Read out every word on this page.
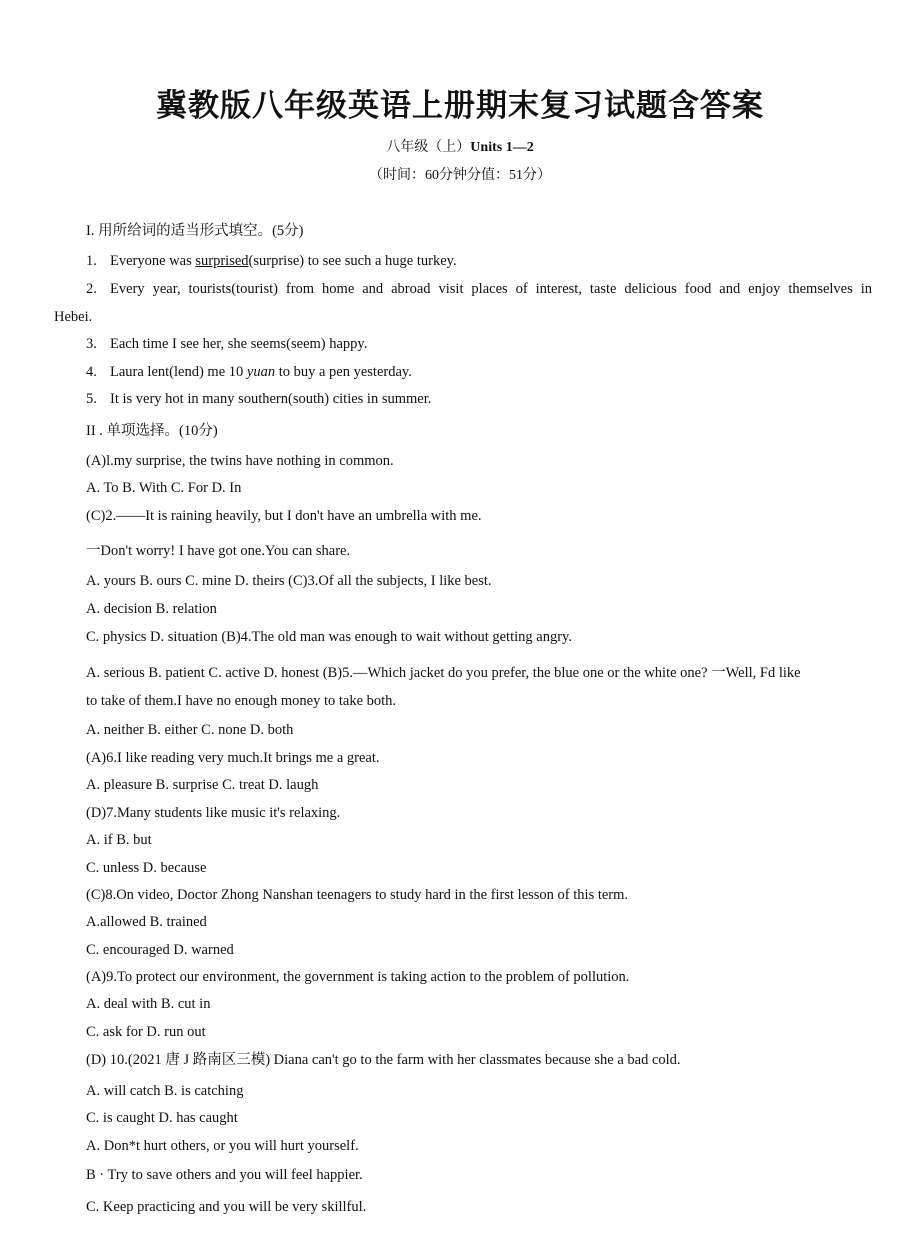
冀教版八年级英语上册期末复习试题含答案
八年级（上）Units 1—2
（时间：60分钟分值：51分）
I. 用所给词的适当形式填空。(5分)
1. Everyone was surprised(surprise) to see such a huge turkey.
2. Every year, tourists(tourist) from home and abroad visit places of interest, taste delicious food and enjoy themselves in
Hebei.
3. Each time I see her, she seems(seem) happy.
4. Laura lent(lend) me 10 yuan to buy a pen yesterday.
5. It is very hot in many southern(south) cities in summer.
II . 单项选择。(10分)
(A)l.my surprise, the twins have nothing in common.
A. To B. With C. For D. In
(C)2.——It is raining heavily, but I don't have an umbrella with me.
一Don't worry! I have got one.You can share.
A. yours B. ours C. mine D. theirs (C)3.Of all the subjects, I like best.
A. decision B. relation
C. physics D. situation (B)4.The old man was enough to wait without getting angry.
A. serious B. patient C. active D. honest (B)5.—Which jacket do you prefer, the blue one or the white one? 一Well, Fd like
to take of them.I have no enough money to take both.
A. neither B. either C. none D. both
(A)6.I like reading very much.It brings me a great.
A. pleasure B. surprise C. treat D. laugh
(D)7.Many students like music it's relaxing.
A. if B. but
C. unless D. because
(C)8.On video, Doctor Zhong Nanshan teenagers to study hard in the first lesson of this term.
A.allowed B. trained
C. encouraged D. warned
(A)9.To protect our environment, the government is taking action to the problem of pollution.
A. deal with B. cut in
C. ask for D. run out
(D) 10.(2021 唐 J 路南区三模) Diana can't go to the farm with her classmates because she a bad cold.
A. will catch B. is catching
C. is caught D. has caught
A. Don*t hurt others, or you will hurt yourself.
B · Try to save others and you will feel happier.
C. Keep practicing and you will be very skillful.
